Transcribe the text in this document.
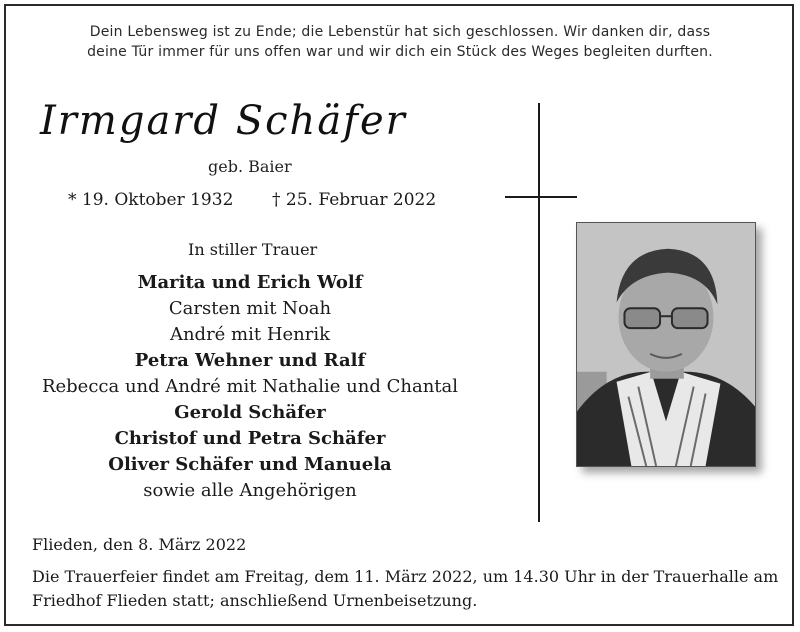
Dein Lebensweg ist zu Ende; die Lebenstür hat sich geschlossen. Wir danken dir, dass
deine Tür immer für uns offen war und wir dich ein Stück des Weges begleiten durften.
Irmgard Schäfer
geb. Baier
* 19. Oktober 1932 † 25. Februar 2022
In stiller Trauer
Marita und Erich Wolf
Carsten mit Noah
André mit Henrik
Petra Wehner und Ralf
Rebecca und André mit Nathalie und Chantal
Gerold Schäfer
Christof und Petra Schäfer
Oliver Schäfer und Manuela
sowie alle Angehörigen
Flieden, den 8. März 2022
Die Trauerfeier findet am Freitag, dem 11. März 2022, um 14.30 Uhr in der Trauerhalle am
Friedhof Flieden statt; anschließend Urnenbeisetzung.
